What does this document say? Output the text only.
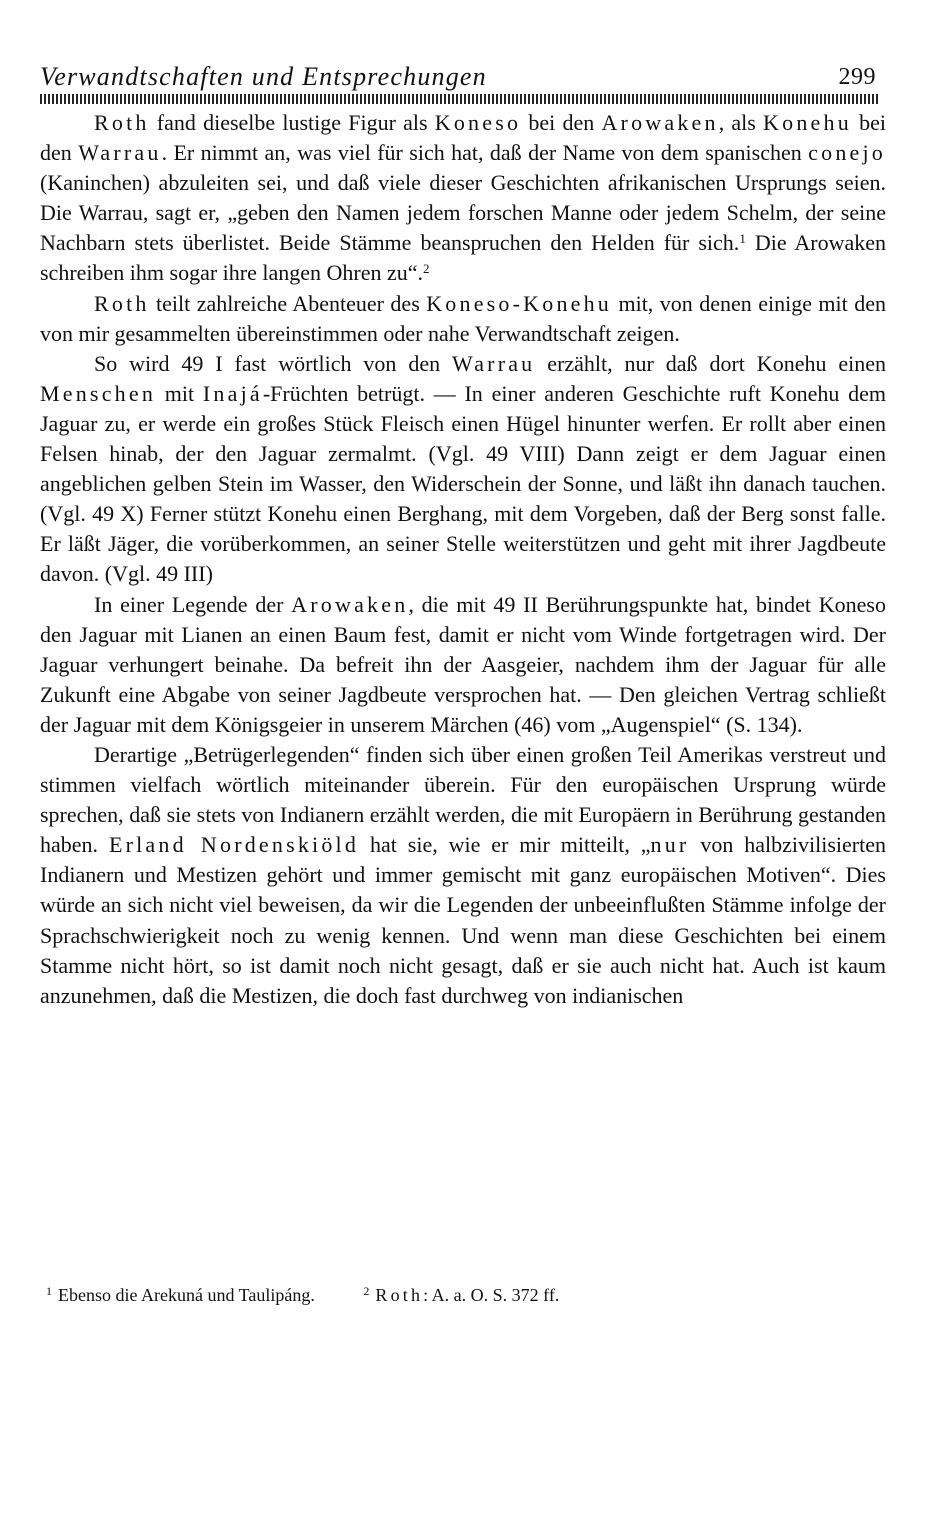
Verwandtschaften und Entsprechungen	299

Roth fand dieselbe lustige Figur als Koneso bei den Arowaken, als Konehu bei den Warrau. Er nimmt an, was viel für sich hat, daß der Name von dem spanischen conejo (Kaninchen) abzuleiten sei, und daß viele dieser Geschichten afrikanischen Ursprungs seien. Die Warrau, sagt er, „geben den Namen jedem forschen Manne oder jedem Schelm, der seine Nachbarn stets überlistet. Beide Stämme beanspruchen den Helden für sich.$^1$ Die Arowaken schreiben ihm sogar ihre langen Ohren zu“.$^2$

Roth teilt zahlreiche Abenteuer des Koneso-Konehu mit, von denen einige mit den von mir gesammelten übereinstimmen oder nahe Verwandtschaft zeigen.

So wird 49 I fast wörtlich von den Warrau erzählt, nur daß dort Konehu einen Menschen mit Inajá-Früchten betrügt. — In einer anderen Geschichte ruft Konehu dem Jaguar zu, er werde ein großes Stück Fleisch einen Hügel hinunter werfen. Er rollt aber einen Felsen hinab, der den Jaguar zermalmt. (Vgl. 49 VIII) Dann zeigt er dem Jaguar einen angeblichen gelben Stein im Wasser, den Widerschein der Sonne, und läßt ihn danach tauchen. (Vgl. 49 X) Ferner stützt Konehu einen Berghang, mit dem Vorgeben, daß der Berg sonst falle. Er läßt Jäger, die vorüberkommen, an seiner Stelle weiterstützen und geht mit ihrer Jagdbeute davon. (Vgl. 49 III)

In einer Legende der Arowaken, die mit 49 II Berührungspunkte hat, bindet Koneso den Jaguar mit Lianen an einen Baum fest, damit er nicht vom Winde fortgetragen wird. Der Jaguar verhungert beinahe. Da befreit ihn der Aasgeier, nachdem ihm der Jaguar für alle Zukunft eine Abgabe von seiner Jagdbeute versprochen hat. — Den gleichen Vertrag schließt der Jaguar mit dem Königsgeier in unserem Märchen (46) vom „Augenspiel“ (S. 134).

Derartige „Betrügerlegenden“ finden sich über einen großen Teil Amerikas verstreut und stimmen vielfach wörtlich miteinander überein. Für den europäischen Ursprung würde sprechen, daß sie stets von Indianern erzählt werden, die mit Europäern in Berührung gestanden haben. Erland Nordenskiöld hat sie, wie er mir mitteilt, „nur von halbzivilisierten Indianern und Mestizen gehört und immer gemischt mit ganz europäischen Motiven“. Dies würde an sich nicht viel beweisen, da wir die Legenden der unbeeinflußten Stämme infolge der Sprachschwierigkeit noch zu wenig kennen. Und wenn man diese Geschichten bei einem Stamme nicht hört, so ist damit noch nicht gesagt, daß er sie auch nicht hat. Auch ist kaum anzunehmen, daß die Mestizen, die doch fast durchweg von indianischen

$^1$ Ebenso die Arekuná und Taulipáng.	$^2$ Roth: A. a. O. S. 372 ff.
